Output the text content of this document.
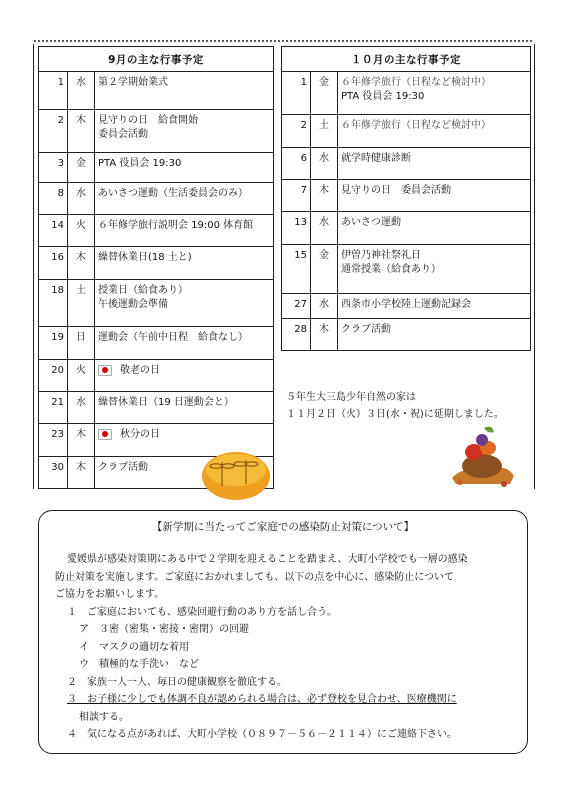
9月の主な行事予定		
1	水	第２学期始業式

2	木	見守りの日　給食開始
委員会活動

3	金	PTA 役員会 19:30

8	水	あいさつ運動（生活委員会のみ）

14	火	６年修学旅行説明会 19:00 体育館

16	木	繰替休業日(18 土と)

18	土	授業日（給食あり）
午後運動会準備

19	日	運動会（午前中日程　給食なし）

20	火	敬老の日

21	水	繰替休業日（19 日運動会と）

23	木	秋分の日

30	木	クラブ活動
１０月の主な行事予定		
1	金	６年修学旅行（日程など検討中）
PTA 役員会 19:30

2	土	６年修学旅行（日程など検討中）

6	水	就学時健康診断

7	木	見守りの日　委員会活動

13	水	あいさつ運動

15	金	伊曽乃神社祭礼日
通常授業（給食あり）

27	水	西条市小学校陸上運動記録会

28	木	クラブ活動
５年生大三島少年自然の家は
１１月２日（火）３日(水・祝)に延期しました。
【新学期に当たってご家庭での感染防止対策について】
愛媛県が感染対策期にある中で２学期を迎えることを踏まえ、大町小学校でも一層の感染
防止対策を実施します。ご家庭におかれましても、以下の点を中心に、感染防止について
ご協力をお願いします。
１　ご家庭においても、感染回避行動のあり方を話し合う。
ア　３密（密集・密接・密閉）の回避
イ　マスクの適切な着用
ウ　積極的な手洗い　など
２　家族一人一人、毎日の健康観察を徹底する。
３　お子様に少しでも体調不良が認められる場合は、必ず登校を見合わせ、医療機関に
相談する。
４　気になる点があれば、大町小学校（０８９７－５６－２１１４）にご連絡下さい。
